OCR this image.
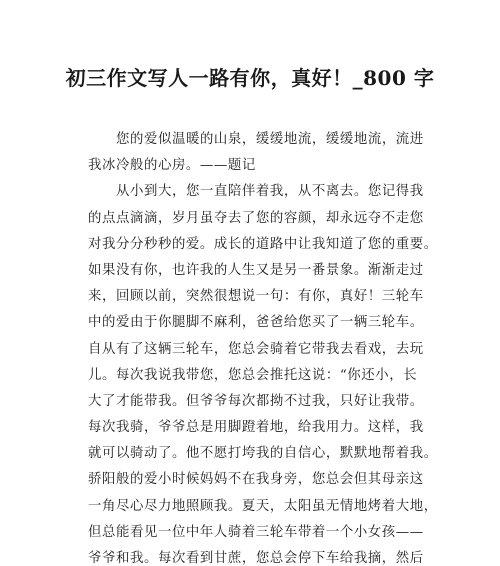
初三作文写人一路有你，真好！_800 字
您的爱似温暖的山泉，缓缓地流，缓缓地流，流进
我冰冷般的心房。——题记
从小到大，您一直陪伴着我，从不离去。您记得我
的点点滴滴，岁月虽夺去了您的容颜，却永远夺不走您
对我分分秒秒的爱。成长的道路中让我知道了您的重要。
如果没有你，也许我的人生又是另一番景象。渐渐走过
来，回顾以前，突然很想说一句：有你，真好！三轮车
中的爱由于你腿脚不麻利，爸爸给您买了一辆三轮车。
自从有了这辆三轮车，您总会骑着它带我去看戏，去玩
儿。每次我说我带您，您总会推托这说：“你还小，长
大了才能带我。但爷爷每次都拗不过我，只好让我带。
每次我骑，爷爷总是用脚蹬着地，给我用力。这样，我
就可以骑动了。他不愿打垮我的自信心，默默地帮着我。
骄阳般的爱小时候妈妈不在我身旁，您总会但其母亲这
一角尽心尽力地照顾我。夏天，太阳虽无情地烤着大地，
但总能看见一位中年人骑着三轮车带着一个小女孩——
爷爷和我。每次看到甘蔗，您总会停下车给我摘，然后
